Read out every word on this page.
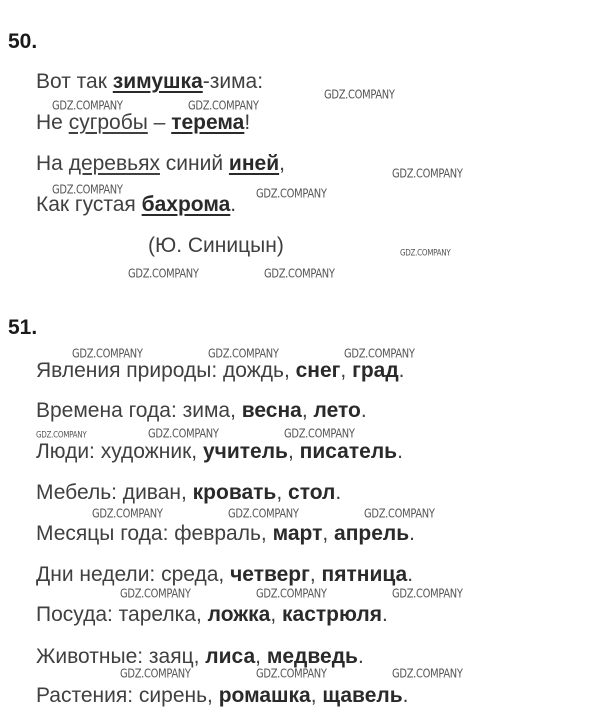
50.
Вот так зимушка-зима:
Не сугробы – терема!
На деревьях синий иней,
Как густая бахрома.
(Ю. Синицын)
51.
Явления природы: дождь, снег, град.
Времена года: зима, весна, лето.
Люди: художник, учитель, писатель.
Мебель: диван, кровать, стол.
Месяцы года: февраль, март, апрель.
Дни недели: среда, четверг, пятница.
Посуда: тарелка, ложка, кастрюля.
Животные: заяц, лиса, медведь.
Растения: сирень, ромашка, щавель.
GDZ.COMPANY	GDZ.COMPANY
GDZ.COMPANY
GDZ.COMPANY
GDZ.COMPANY	GDZ.COMPANY
GDZ.COMPANY
GDZ.COMPANY	GDZ.COMPANY
GDZ.COMPANY	GDZ.COMPANY	GDZ.COMPANY
GDZ.COMPANY	GDZ.COMPANY	GDZ.COMPANY
GDZ.COMPANY	GDZ.COMPANY	GDZ.COMPANY
GDZ.COMPANY	GDZ.COMPANY	GDZ.COMPANY
GDZ.COMPANY	GDZ.COMPANY	GDZ.COMPANY
